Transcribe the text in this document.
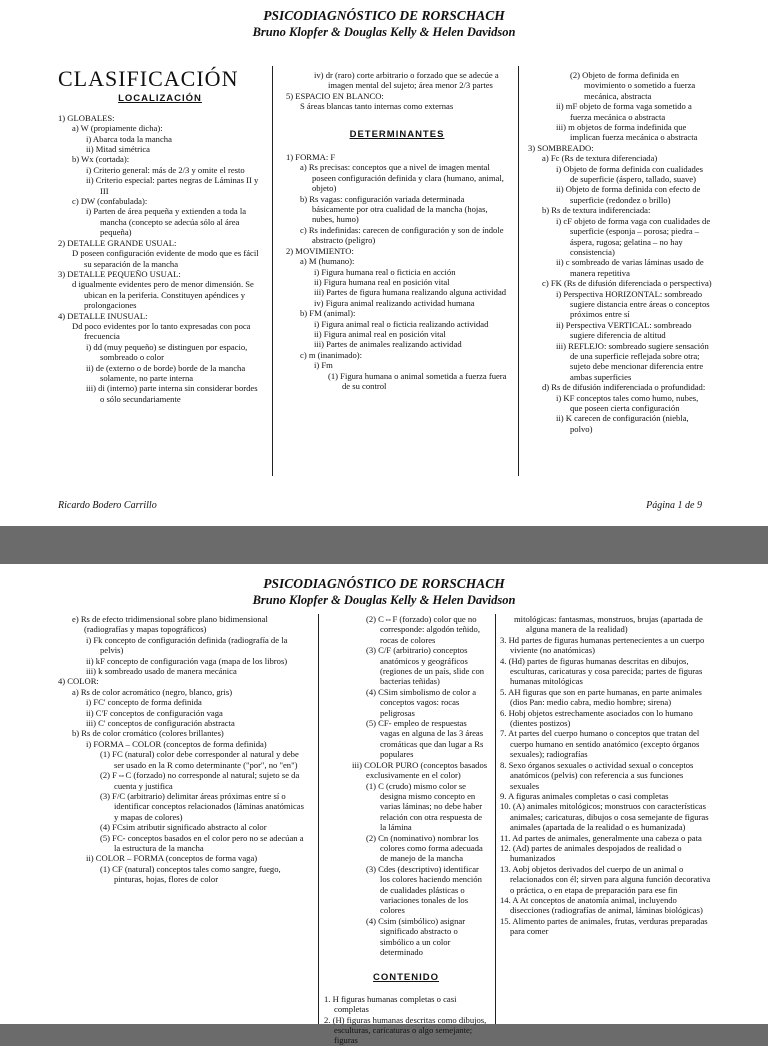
PSICODIAGNÓSTICO DE RORSCHACH
Bruno Klopfer & Douglas Kelly & Helen Davidson
CLASIFICACIÓN
LOCALIZACIÓN

1) GLOBALES:

a) W (propiamente dicha):

i) Abarca toda la mancha

ii) Mitad simétrica

b) Wx (cortada):

i) Criterio general: más de 2/3 y omite el resto

ii) Criterio especial: partes negras de Láminas II y III

c) DW (confabulada):

i) Parten de área pequeña y extienden a toda la mancha (concepto se adecúa sólo al área pequeña)

2) DETALLE GRANDE USUAL:

D poseen configuración evidente de modo que es fácil su separación de la mancha

3) DETALLE PEQUEÑO USUAL:

d igualmente evidentes pero de menor dimensión. Se ubican en la periferia. Constituyen apéndices y prolongaciones

4) DETALLE INUSUAL:

Dd poco evidentes por lo tanto expresadas con poca frecuencia

i) dd (muy pequeño) se distinguen por espacio, sombreado o color

ii) de (externo o de borde) borde de la mancha solamente, no parte interna

iii) di (interno) parte interna sin considerar bordes o sólo secundariamente

iv) dr (raro) corte arbitrario o forzado que se adecúe a imagen mental del sujeto; área menor 2/3 partes

5) ESPACIO EN BLANCO:

S áreas blancas tanto internas como externas

DETERMINANTES

1) FORMA: F

a) Rs precisas: conceptos que a nivel de imagen mental poseen configuración definida y clara (humano, animal, objeto)

b) Rs vagas: configuración variada determinada básicamente por otra cualidad de la mancha (hojas, nubes, humo)

c) Rs indefinidas: carecen de configuración y son de índole abstracto (peligro)

2) MOVIMIENTO:

a) M (humano):

i) Figura humana real o ficticia en acción

ii) Figura humana real en posición vital

iii) Partes de figura humana realizando alguna actividad

iv) Figura animal realizando actividad humana

b) FM (animal):

i) Figura animal real o ficticia realizando actividad

ii) Figura animal real en posición vital

iii) Partes de animales realizando actividad

c) m (inanimado):

i) Fm

(1) Figura humana o animal sometida a fuerza fuera de su control

(2) Objeto de forma definida en movimiento o sometido a fuerza mecánica, abstracta

ii) mF objeto de forma vaga sometido a fuerza mecánica o abstracta

iii) m objetos de forma indefinida que implican fuerza mecánica o abstracta

3) SOMBREADO:

a) Fc (Rs de textura diferenciada)

i) Objeto de forma definida con cualidades de superficie (áspero, tallado, suave)

ii) Objeto de forma definida con efecto de superficie (redondez o brillo)

b) Rs de textura indiferenciada:

i) cF objeto de forma vaga con cualidades de superficie (esponja – porosa; piedra – áspera, rugosa; gelatina – no hay consistencia)

ii) c sombreado de varias láminas usado de manera repetitiva

c) FK (Rs de difusión diferenciada o perspectiva)

i) Perspectiva HORIZONTAL: sombreado sugiere distancia entre áreas o conceptos próximos entre sí

ii) Perspectiva VERTICAL: sombreado sugiere diferencia de altitud

iii) REFLEJO: sombreado sugiere sensación de una superficie reflejada sobre otra; sujeto debe mencionar diferencia entre ambas superficies

d) Rs de difusión indiferenciada o profundidad:

i) KF conceptos tales como humo, nubes, que poseen cierta configuración

ii) K carecen de configuración (niebla, polvo)

Ricardo Bodero Carrillo	Página 1 de 9
PSICODIAGNÓSTICO DE RORSCHACH
Bruno Klopfer & Douglas Kelly & Helen Davidson

e) Rs de efecto tridimensional sobre plano bidimensional (radiografías y mapas topográficos)

i) Fk concepto de configuración definida (radiografía de la pelvis)

ii) kF concepto de configuración vaga (mapa de los libros)

iii) k sombreado usado de manera mecánica

4) COLOR:

a) Rs de color acromático (negro, blanco, gris)

i) FC' concepto de forma definida

ii) C'F conceptos de configuración vaga

iii) C' conceptos de configuración abstracta

b) Rs de color cromático (colores brillantes)

i) FORMA – COLOR (conceptos de forma definida)

(1) FC (natural) color debe corresponder al natural y debe ser usado en la R como determinante ("por", no "en")

(2) F⇔C (forzado) no corresponde al natural; sujeto se da cuenta y justifica

(3) F/C (arbitrario) delimitar áreas próximas entre sí o identificar conceptos relacionados (láminas anatómicas y mapas de colores)

(4) FCsim atributir significado abstracto al color

(5) FC- conceptos basados en el color pero no se adecúan a la estructura de la mancha

ii) COLOR – FORMA (conceptos de forma vaga)

(1) CF (natural) conceptos tales como sangre, fuego, pinturas, hojas, flores de color

(2) C⇔F (forzado) color que no corresponde: algodón teñido, rocas de colores

(3) C/F (arbitrario) conceptos anatómicos y geográficos (regiones de un país, slide con bacterias teñidas)

(4) CSim simbolismo de color a conceptos vagos: rocas peligrosas

(5) CF- empleo de respuestas vagas en alguna de las 3 áreas cromáticas que dan lugar a Rs populares

iii) COLOR PURO (conceptos basados exclusivamente en el color)

(1) C (crudo) mismo color se designa mismo concepto en varias láminas; no debe haber relación con otra respuesta de la lámina

(2) Cn (nominativo) nombrar los colores como forma adecuada de manejo de la mancha

(3) Cdes (descriptivo) identificar los colores haciendo mención de cualidades plásticas o variaciones tonales de los colores

(4) Csim (simbólico) asignar significado abstracto o simbólico a un color determinado

CONTENIDO

1. H figuras humanas completas o casi completas

2. (H) figuras humanas descritas como dibujos, esculturas, caricaturas o algo semejante; figuras

mitológicas: fantasmas, monstruos, brujas (apartada de alguna manera de la realidad)

3. Hd partes de figuras humanas pertenecientes a un cuerpo viviente (no anatómicas)

4. (Hd) partes de figuras humanas descritas en dibujos, esculturas, caricaturas y cosa parecida; partes de figuras humanas mitológicas

5. AH figuras que son en parte humanas, en parte animales (dios Pan: medio cabra, medio hombre; sirena)

6. Hobj objetos estrechamente asociados con lo humano (dientes postizos)

7. At partes del cuerpo humano o conceptos que tratan del cuerpo humano en sentido anatómico (excepto órganos sexuales); radiografías

8. Sexo órganos sexuales o actividad sexual o conceptos anatómicos (pelvis) con referencia a sus funciones sexuales

9. A figuras animales completas o casi completas

10. (A) animales mitológicos; monstruos con características animales; caricaturas, dibujos o cosa semejante de figuras animales (apartada de la realidad o es humanizada)

11. Ad partes de animales, generalmente una cabeza o pata

12. (Ad) partes de animales despojados de realidad o humanizados

13. Aobj objetos derivados del cuerpo de un animal o relacionados con él; sirven para alguna función decorativa o práctica, o en etapa de preparación para ese fin

14. A At conceptos de anatomía animal, incluyendo disecciones (radiografías de animal, láminas biológicas)

15. Alimento partes de animales, frutas, verduras preparadas para comer
